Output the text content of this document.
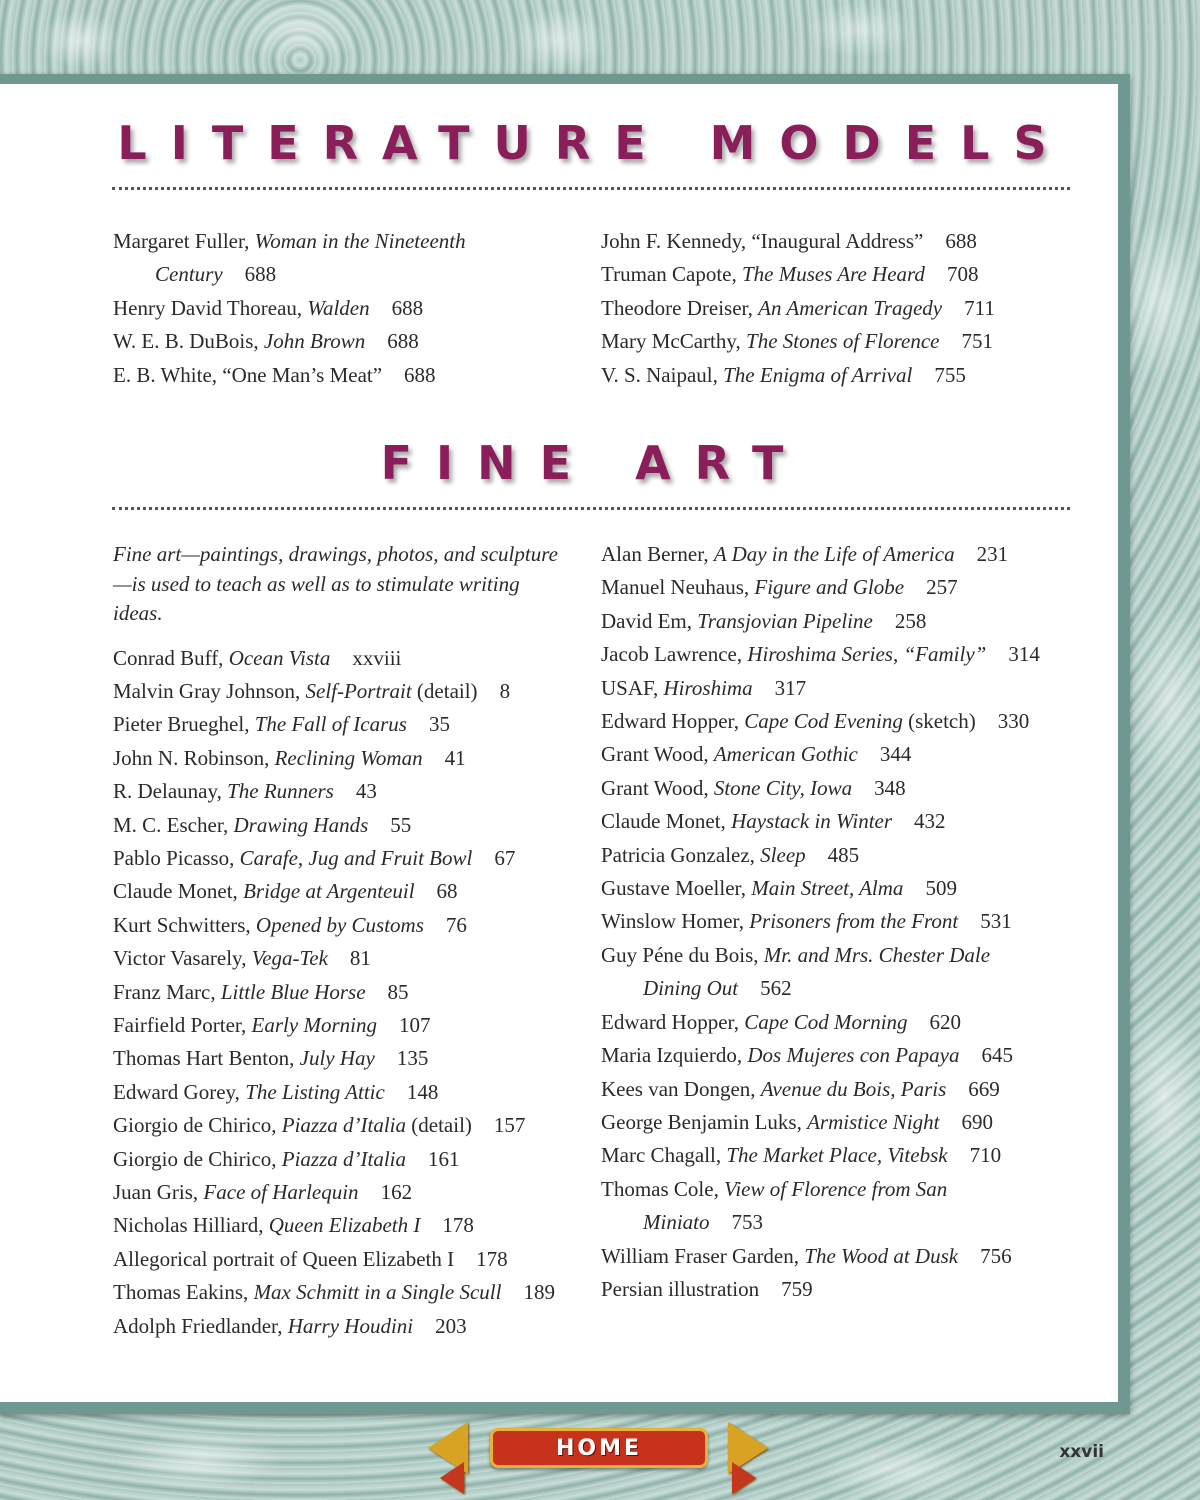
LITERATURE MODELS
Margaret Fuller, Woman in the Nineteenth
Century 688
Henry David Thoreau, Walden 688
W. E. B. DuBois, John Brown 688
E. B. White, “One Man’s Meat” 688
John F. Kennedy, “Inaugural Address” 688
Truman Capote, The Muses Are Heard 708
Theodore Dreiser, An American Tragedy 711
Mary McCarthy, The Stones of Florence 751
V. S. Naipaul, The Enigma of Arrival 755
FINE ART
Fine art—paintings, drawings, photos, and sculpture—is used to teach as well as to stimulate writing ideas.
Conrad Buff, Ocean Vista xxviii
Malvin Gray Johnson, Self-Portrait (detail) 8
Pieter Brueghel, The Fall of Icarus 35
John N. Robinson, Reclining Woman 41
R. Delaunay, The Runners 43
M. C. Escher, Drawing Hands 55
Pablo Picasso, Carafe, Jug and Fruit Bowl 67
Claude Monet, Bridge at Argenteuil 68
Kurt Schwitters, Opened by Customs 76
Victor Vasarely, Vega-Tek 81
Franz Marc, Little Blue Horse 85
Fairfield Porter, Early Morning 107
Thomas Hart Benton, July Hay 135
Edward Gorey, The Listing Attic 148
Giorgio de Chirico, Piazza d’Italia (detail) 157
Giorgio de Chirico, Piazza d’Italia 161
Juan Gris, Face of Harlequin 162
Nicholas Hilliard, Queen Elizabeth I 178
Allegorical portrait of Queen Elizabeth I 178
Thomas Eakins, Max Schmitt in a Single Scull 189
Adolph Friedlander, Harry Houdini 203
Alan Berner, A Day in the Life of America 231
Manuel Neuhaus, Figure and Globe 257
David Em, Transjovian Pipeline 258
Jacob Lawrence, Hiroshima Series, “Family” 314
USAF, Hiroshima 317
Edward Hopper, Cape Cod Evening (sketch) 330
Grant Wood, American Gothic 344
Grant Wood, Stone City, Iowa 348
Claude Monet, Haystack in Winter 432
Patricia Gonzalez, Sleep 485
Gustave Moeller, Main Street, Alma 509
Winslow Homer, Prisoners from the Front 531
Guy Péne du Bois, Mr. and Mrs. Chester Dale
Dining Out 562
Edward Hopper, Cape Cod Morning 620
Maria Izquierdo, Dos Mujeres con Papaya 645
Kees van Dongen, Avenue du Bois, Paris 669
George Benjamin Luks, Armistice Night 690
Marc Chagall, The Market Place, Vitebsk 710
Thomas Cole, View of Florence from San
Miniato 753
William Fraser Garden, The Wood at Dusk 756
Persian illustration 759
xxvii
HOME
